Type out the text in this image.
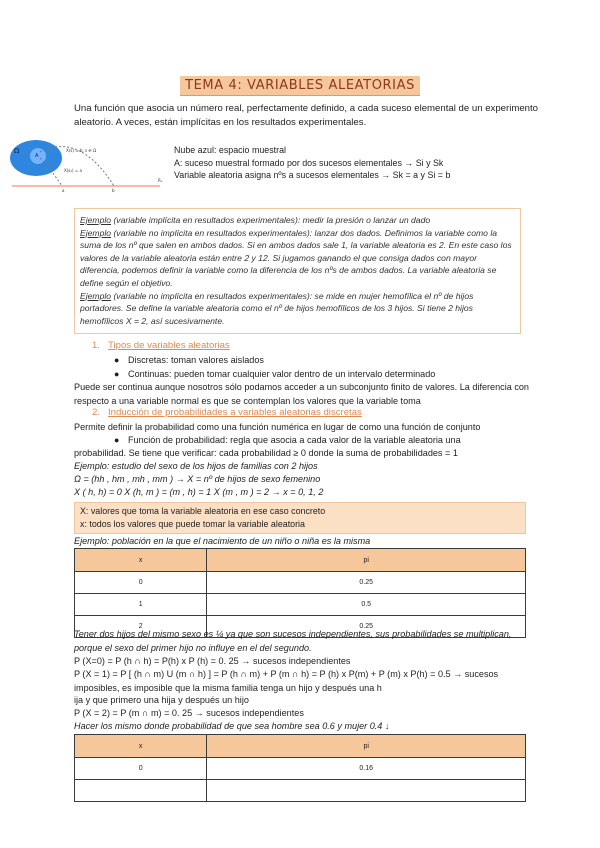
TEMA 4: VARIABLES ALEATORIAS
Una función que asocia un número real, perfectamente definido, a cada suceso elemental de un experimento aleatorio. A veces, están implícitas en los resultados experimentales.
Ω
A
X(s) = b; s ∈ Ω
X(s₁) = a
Rₓ
a	b
Nube azul: espacio muestral
A: suceso muestral formado por dos sucesos elementales → Si y Sk
Variable aleatoria asigna nºs a sucesos elementales → Sk = a y Si = b
Ejemplo (variable implícita en resultados experimentales): medir la presión o lanzar un dado
Ejemplo (variable no implícita en resultados experimentales): lanzar dos dados. Definimos la variable como la suma de los nº que salen en ambos dados. Si en ambos dados sale 1, la variable aleatoria es 2. En este caso los valores de la variable aleatoria están entre 2 y 12. Si jugamos ganando el que consiga dados con mayor diferencia, podemos definir la variable como la diferencia de los nºs de ambos dados. La variable aleatoria se define según el objetivo.
Ejemplo (variable no implícita en resultados experimentales): se mide en mujer hemofílica el nº de hijos portadores. Se define la variable aleatoria como el nº de hijos hemofílicos de los 3 hijos. Si tiene 2 hijos hemofílicos X = 2, así sucesivamente.
1. Tipos de variables aleatorias
● Discretas: toman valores aislados
● Continuas: pueden tomar cualquier valor dentro de un intervalo determinado
Puede ser continua aunque nosotros sólo podamos acceder a un subconjunto finito de valores. La diferencia con respecto a una variable normal es que se contemplan los valores que la variable toma
2. Inducción de probabilidades a variables aleatorias discretas
Permite definir la probabilidad como una función numérica en lugar de como una función de conjunto
● Función de probabilidad: regla que asocia a cada valor de la variable aleatoria una
probabilidad. Se tiene que verificar: cada probabilidad ≥ 0 donde la suma de probabilidades = 1
Ejemplo: estudio del sexo de los hijos de familias con 2 hijos
Ω = (hh , hm , mh , mm ) → X = nº de hijos de sexo femenino
X ( h, h) = 0 X (h, m ) = (m , h) = 1 X (m , m ) = 2 → x = 0, 1, 2
X: valores que toma la variable aleatoria en ese caso concreto
x: todos los valores que puede tomar la variable aleatoria
Ejemplo: población en la que el nacimiento de un niño o niña es la misma
x	pi
0	0.25
1	0.5
2	0.25
Tener dos hijos del mismo sexo es ¼ ya que son sucesos independientes, sus probabilidades se multiplican, porque el sexo del primer hijo no influye en el del segundo.
P (X=0) = P (h ∩ h) = P(h) x P (h) = 0. 25 → sucesos independientes
P (X = 1) = P [ (h ∩ m) U (m ∩ h) ] = P (h ∩ m) + P (m ∩ h) = P (h) x P(m) + P (m) x P(h) = 0.5 → sucesos imposibles, es imposible que la misma familia tenga un hijo y después una h
ija y que primero una hija y después un hijo
P (X = 2) = P (m ∩ m) = 0. 25 → sucesos independientes
Hacer los mismo donde probabilidad de que sea hombre sea 0.6 y mujer 0.4 ↓
x	pi
0	0.16
